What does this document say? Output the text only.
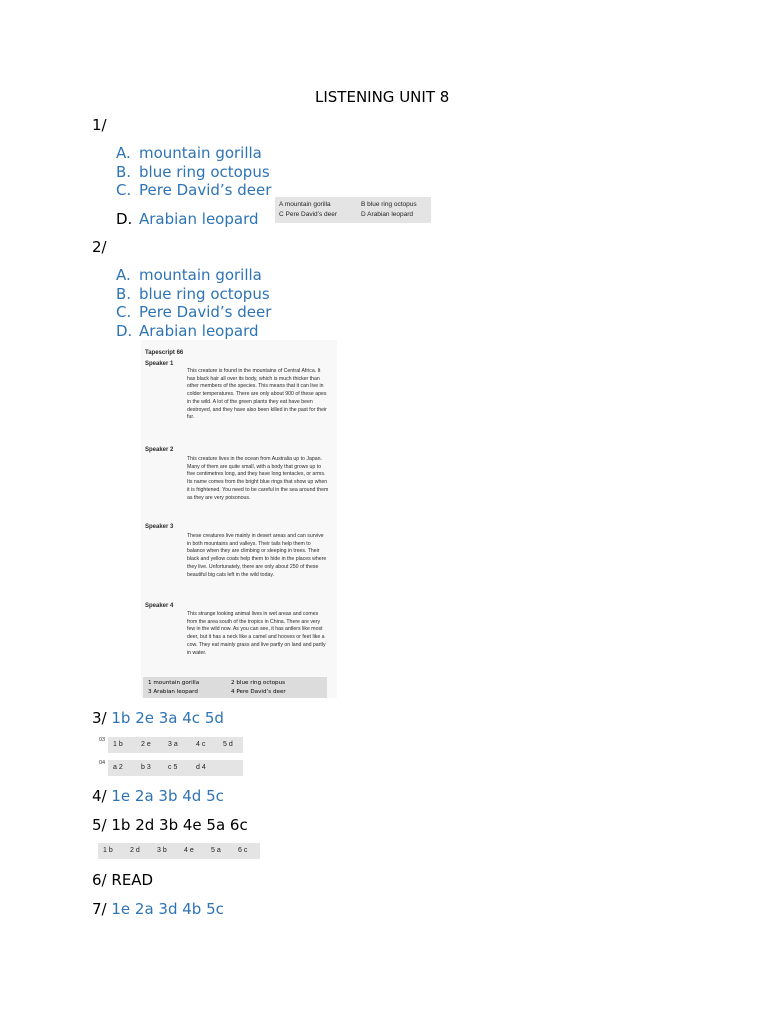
LISTENING UNIT 8
1/
A. mountain gorilla
B. blue ring octopus
C. Pere David’s deer
D. Arabian leopard
A mountain gorilla	B blue ring octopus
C Pere David’s deer	D Arabian leopard
2/
A. mountain gorilla
B. blue ring octopus
C. Pere David’s deer
D. Arabian leopard
Tapescript 66
Speaker 1
This creature is found in the mountains of Central Africa. It has black hair all over its body, which is much thicker than other members of the species. This means that it can live in colder temperatures. There are only about 900 of these apes in the wild. A lot of the green plants they eat have been destroyed, and they have also been killed in the past for their fur.
Speaker 2
This creature lives in the ocean from Australia up to Japan. Many of them are quite small, with a body that grows up to five centimetres long, and they have long tentacles, or arms. Its name comes from the bright blue rings that show up when it is frightened. You need to be careful in the sea around them as they are very poisonous.
Speaker 3
These creatures live mainly in desert areas and can survive in both mountains and valleys. Their tails help them to balance when they are climbing or sleeping in trees. Their black and yellow coats help them to hide in the places where they live. Unfortunately, there are only about 250 of these beautiful big cats left in the wild today.
Speaker 4
This strange looking animal lives in wet areas and comes from the area south of the tropics in China. There are very few in the wild now. As you can see, it has antlers like most deer, but it has a neck like a camel and hooves or feet like a cow. They eat mainly grass and live partly on land and partly in water.
1 mountain gorilla	2 blue ring octopus
3 Arabian leopard	4 Pere David’s deer
3/ 1b 2e 3a 4c 5d
03
1 b	2 e 3 a	4 c	5 d
04
a 2	b 3 c 5	d 4
4/ 1e 2a 3b 4d 5c
5/ 1b 2d 3b 4e 5a 6c
1 b 2 d 3 b 4 e 5 a 6 c
6/ READ
7/ 1e 2a 3d 4b 5c
